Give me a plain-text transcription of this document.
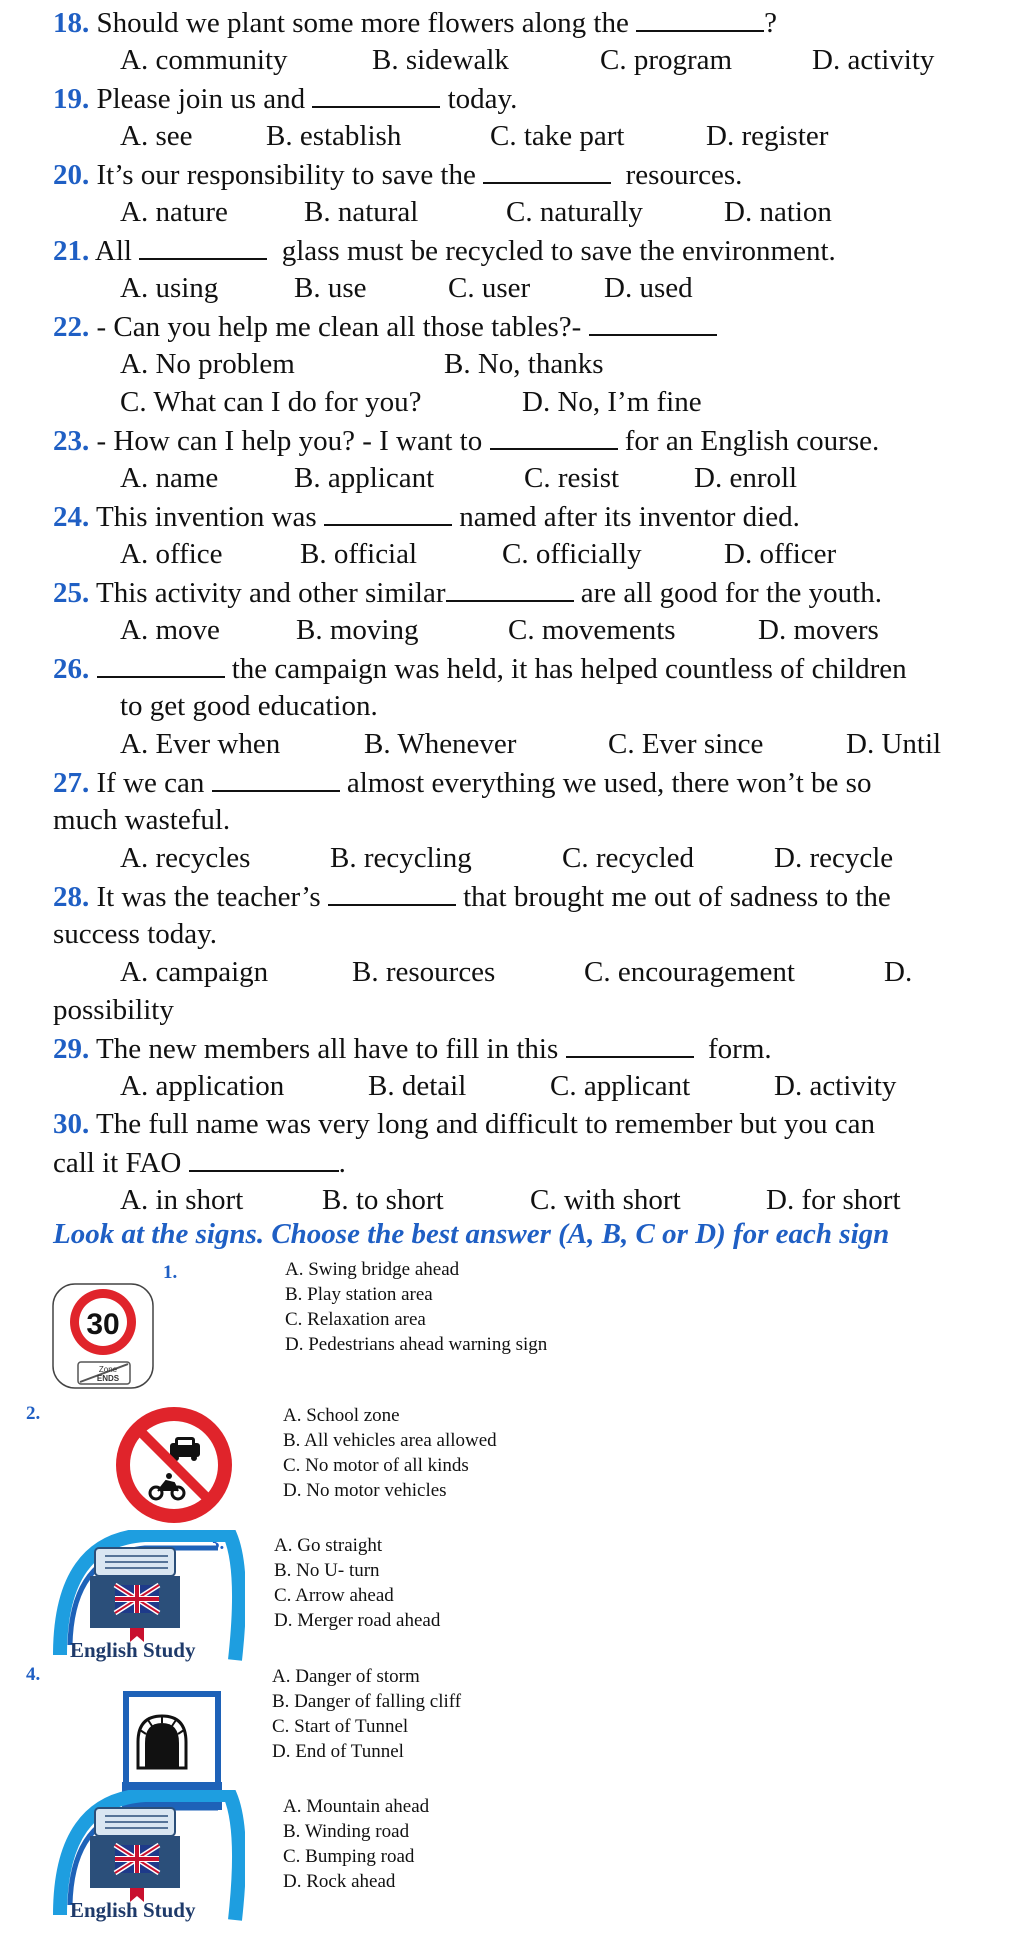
18. Should we plant some more flowers along the	?
A. community	B. sidewalk	C. program	D. activity
19. Please join us and	today.
A. see	B. establish	C. take part	D. register
20. It’s our responsibility to save the	resources.
A. nature	B. natural	C. naturally	D. nation
21. All	glass must be recycled to save the environment.
A. using	B. use	C. user	D. used
22. - Can you help me clean all those tables?-
A. No problem	B. No, thanks
C. What can I do for you?	D. No, I’m fine
23. - How can I help you? - I want to	for an English course.
A. name	B. applicant	C. resist	D. enroll
24. This invention was	named after its inventor died.
A. office	B. official	C. officially	D. officer
25. This activity and other similar	are all good for the youth.
A. move	B. moving	C. movements	D. movers
26.	the campaign was held, it has helped countless of children
to get good education.
A. Ever when	B. Whenever	C. Ever since	D. Until
27. If we can	almost everything we used, there won’t be so
much wasteful.
A. recycles	B. recycling	C. recycled	D. recycle
28. It was the teacher’s	that brought me out of sadness to the
success today.
A. campaign	B. resources	C. encouragement	D.
possibility
29. The new members all have to fill in this	form.
A. application	B. detail	C. applicant	D. activity
30. The full name was very long and difficult to remember but you can
call it FAO	.
A. in short	B. to short	C. with short	D. for short
Look at the signs. Choose the best answer (A, B, C or D) for each sign
1.
30
Zone
ENDS
A. Swing bridge ahead
B. Play station area
C. Relaxation area
D. Pedestrians ahead warning sign
2.	A. School zone
B. All vehicles area allowed
C. No motor of all kinds
D. No motor vehicles
3.
English Study
A. Go straight
B. No U- turn
C. Arrow ahead
D. Merger road ahead
4.	A. Danger of storm
B. Danger of falling cliff
C. Start of Tunnel
D. End of Tunnel
English Study
A. Mountain ahead
B. Winding road
C. Bumping road
D. Rock ahead
